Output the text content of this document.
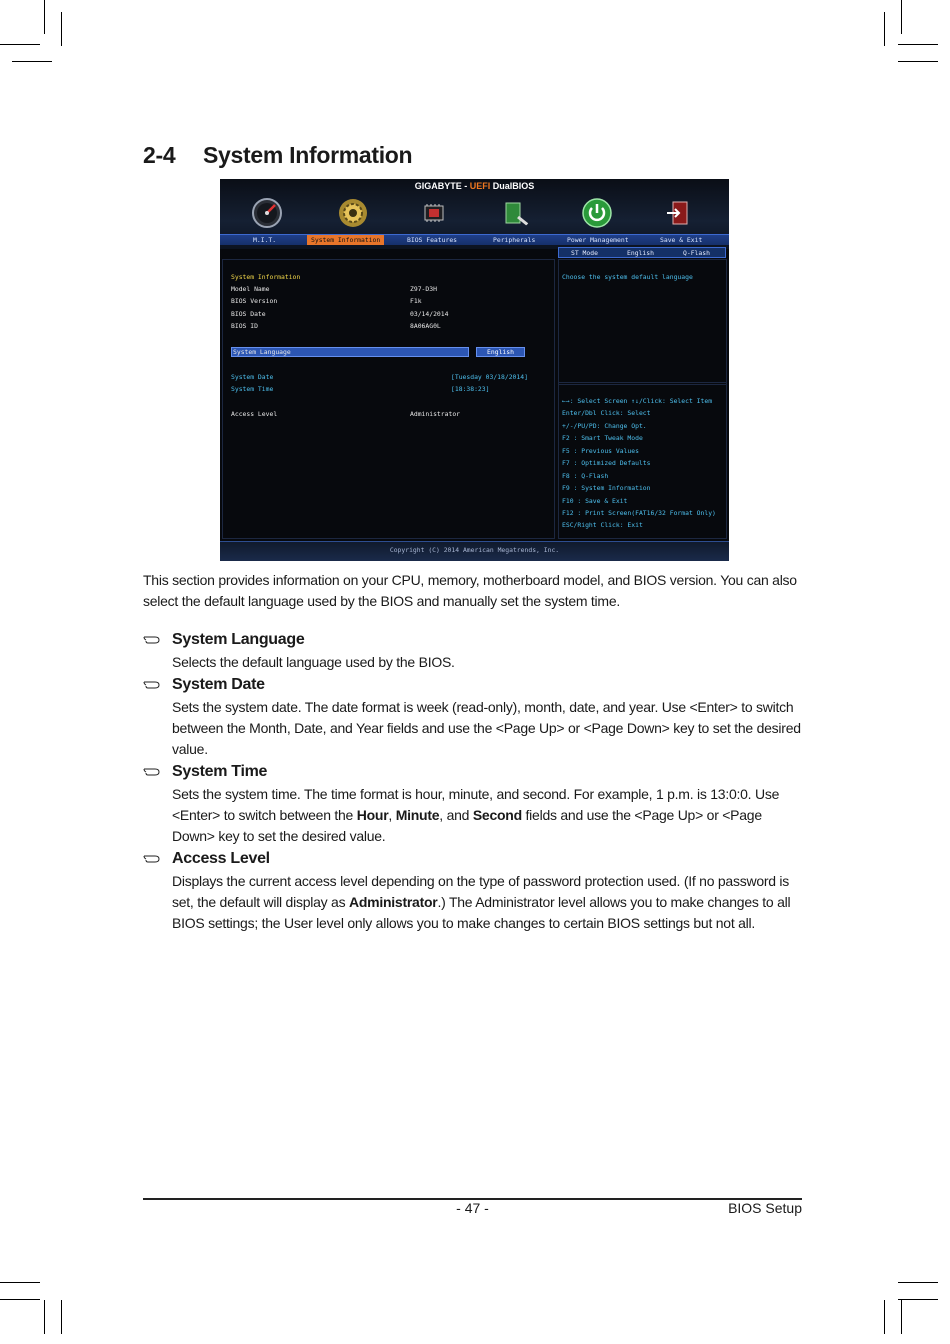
2-4 System Information
GIGABYTE - UEFI DualBIOS
M.I.T.	System Information	BIOS Features	Peripherals	Power Management	Save & Exit
ST Mode	English	Q-Flash
System Information
Model Name	Z97-D3H
BIOS Version	F1k
BIOS Date	03/14/2014
BIOS ID	8A06AG0L
System Language	English
System Date	[Tuesday 03/18/2014]
System Time	[18:38:23]
Access Level	Administrator
Choose the system default language
←→: Select Screen ↑↓/Click: Select Item
Enter/Dbl Click: Select
+/-/PU/PD: Change Opt.
F2 : Smart Tweak Mode
F5 : Previous Values
F7 : Optimized Defaults
F8 : Q-Flash
F9 : System Information
F10 : Save & Exit
F12 : Print Screen(FAT16/32 Format Only)
ESC/Right Click: Exit
Copyright (C) 2014 American Megatrends, Inc.
This section provides information on your CPU, memory, motherboard model, and BIOS version. You can also select the default language used by the BIOS and manually set the system time.
System Language
Selects the default language used by the BIOS.
System Date
Sets the system date. The date format is week (read-only), month, date, and year. Use <Enter> to switch between the Month, Date, and Year fields and use the <Page Up> or <Page Down> key to set the desired value.
System Time
Sets the system time. The time format is hour, minute, and second. For example, 1 p.m. is 13:0:0. Use <Enter> to switch between the Hour, Minute, and Second fields and use the <Page Up> or <Page Down> key to set the desired value.
Access Level
Displays the current access level depending on the type of password protection used. (If no password is set, the default will display as Administrator.) The Administrator level allows you to make changes to all BIOS settings; the User level only allows you to make changes to certain BIOS settings but not all.
- 47 -	BIOS Setup
